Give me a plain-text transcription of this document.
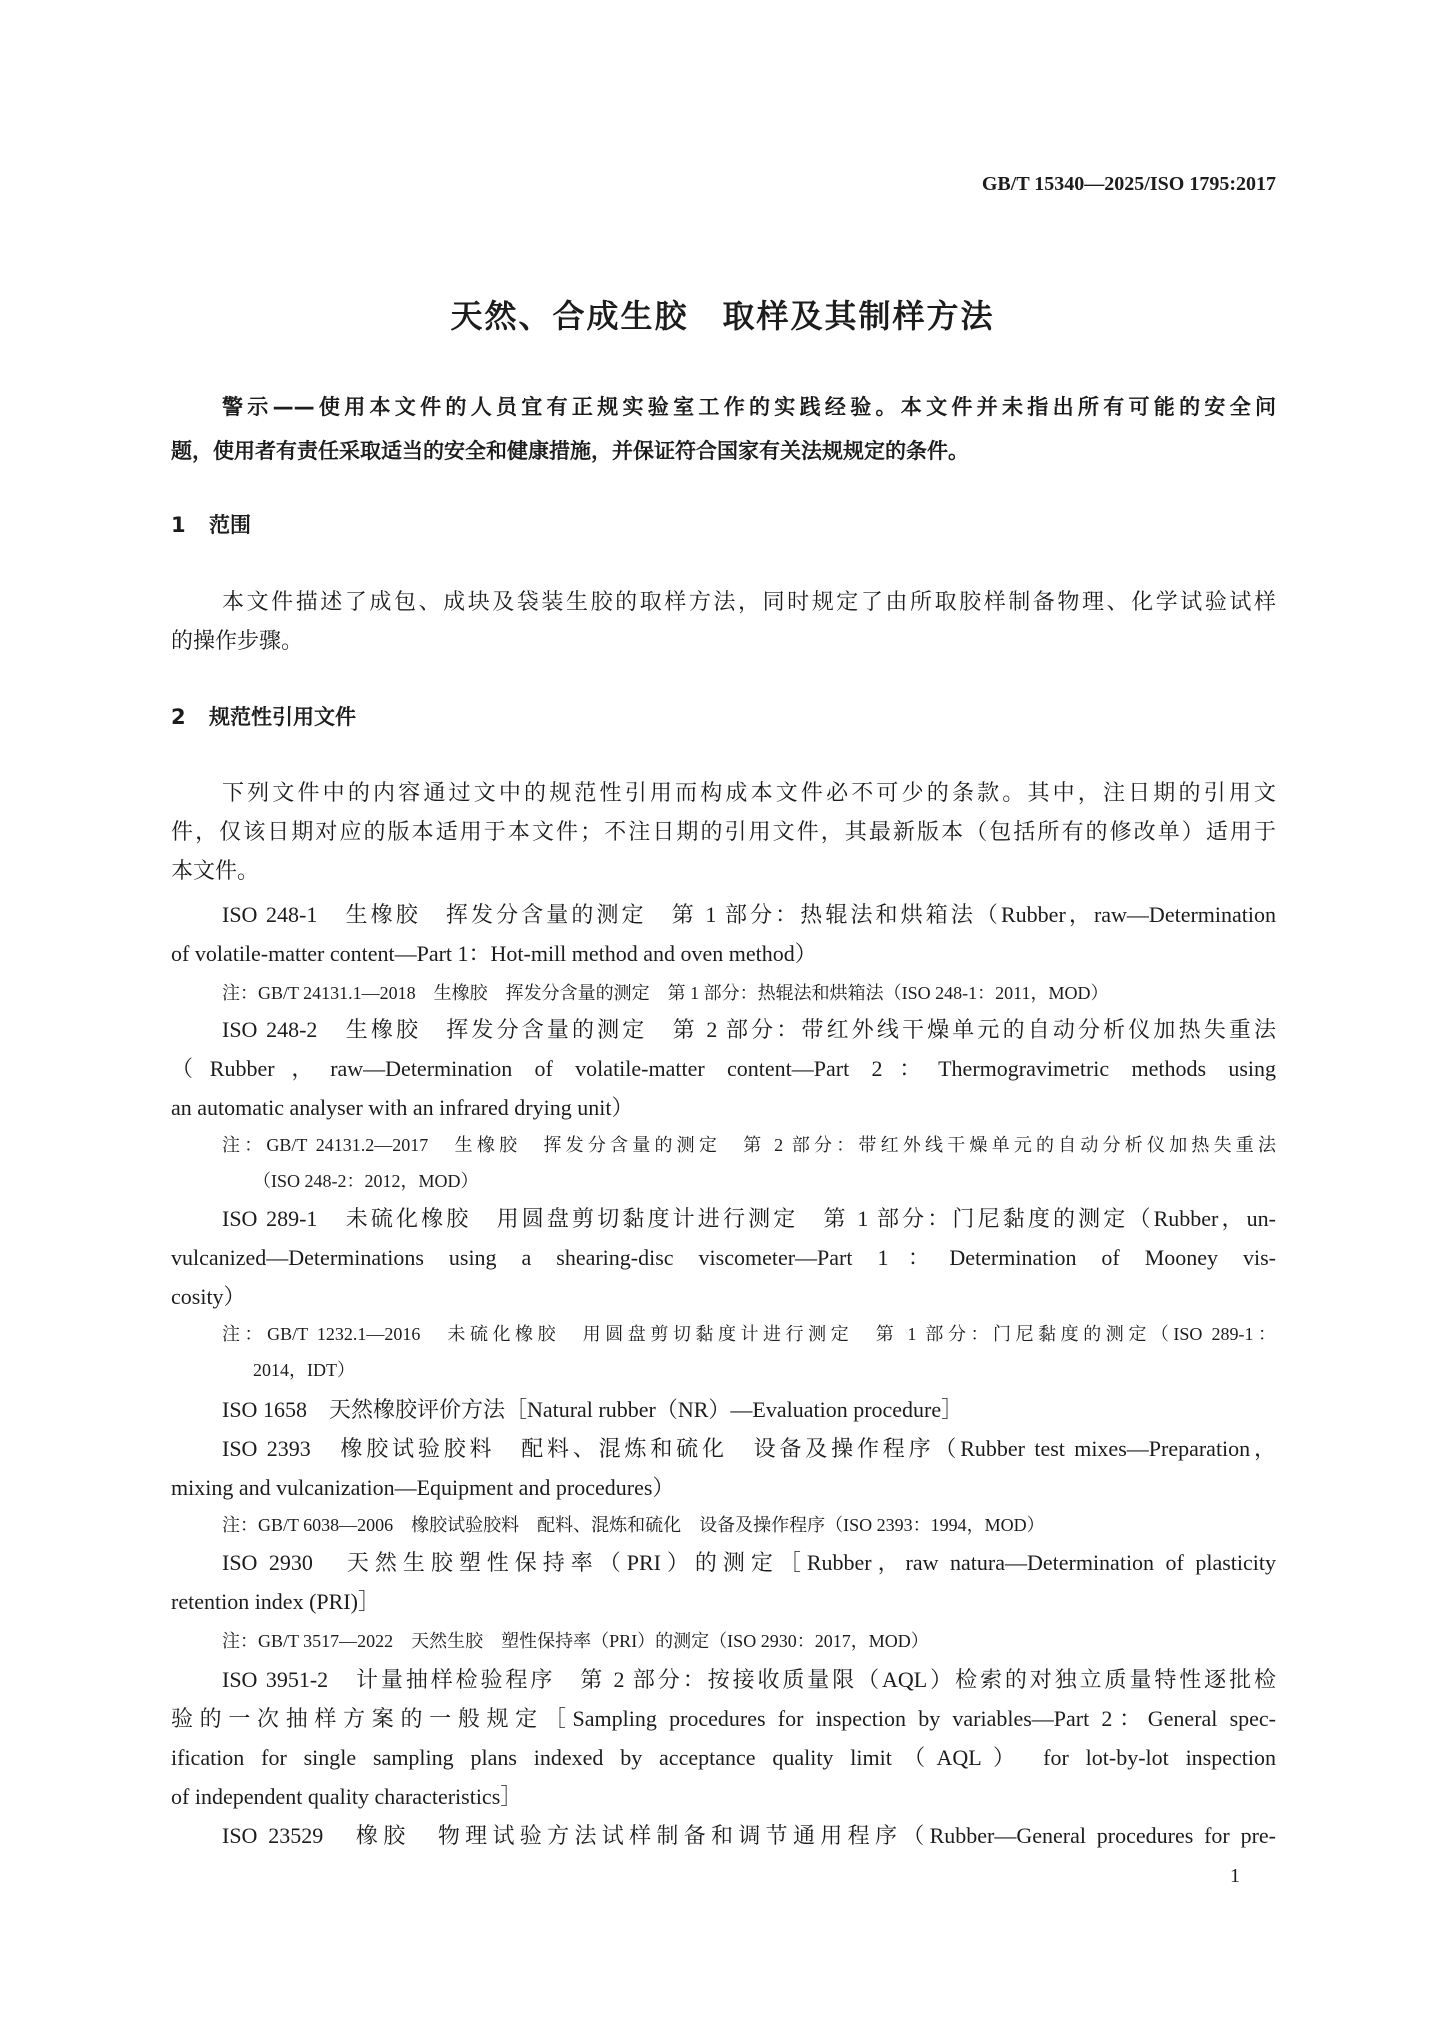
GB/T 15340—2025/ISO 1795:2017
天然、合成生胶　取样及其制样方法
警示——使用本文件的人员宜有正规实验室工作的实践经验。本文件并未指出所有可能的安全问
题，使用者有责任采取适当的安全和健康措施，并保证符合国家有关法规规定的条件。
1 范围
本文件描述了成包、成块及袋装生胶的取样方法，同时规定了由所取胶样制备物理、化学试验试样
的操作步骤。
2 规范性引用文件
下列文件中的内容通过文中的规范性引用而构成本文件必不可少的条款。其中，注日期的引用文
件，仅该日期对应的版本适用于本文件；不注日期的引用文件，其最新版本（包括所有的修改单）适用于
本文件。
ISO 248-1　生橡胶　挥发分含量的测定　第 1 部分：热辊法和烘箱法（Rubber，raw—Determination
of volatile-matter content—Part 1：Hot-mill method and oven method）
注：GB/T 24131.1—2018　生橡胶　挥发分含量的测定　第 1 部分：热辊法和烘箱法（ISO 248-1：2011，MOD）
ISO 248-2　生橡胶　挥发分含量的测定　第 2 部分：带红外线干燥单元的自动分析仪加热失重法
（Rubber，raw—Determination of volatile-matter content—Part 2：Thermogravimetric methods using
an automatic analyser with an infrared drying unit）
注：GB/T 24131.2—2017　生橡胶　挥发分含量的测定　第 2 部分：带红外线干燥单元的自动分析仪加热失重法
（ISO 248-2：2012，MOD）
ISO 289-1　未硫化橡胶　用圆盘剪切黏度计进行测定　第 1 部分：门尼黏度的测定（Rubber，un-
vulcanized—Determinations using a shearing-disc viscometer—Part 1：Determination of Mooney vis-
cosity）
注：GB/T 1232.1—2016　未硫化橡胶　用圆盘剪切黏度计进行测定　第 1 部分：门尼黏度的测定（ISO 289-1：
2014，IDT）
ISO 1658　天然橡胶评价方法［Natural rubber（NR）—Evaluation procedure］
ISO 2393　橡胶试验胶料　配料、混炼和硫化　设备及操作程序（Rubber test mixes—Preparation，
mixing and vulcanization—Equipment and procedures）
注：GB/T 6038—2006　橡胶试验胶料　配料、混炼和硫化　设备及操作程序（ISO 2393：1994，MOD）
ISO 2930　天然生胶塑性保持率（PRI）的测定［Rubber，raw natura—Determination of plasticity
retention index (PRI)］
注：GB/T 3517—2022　天然生胶　塑性保持率（PRI）的测定（ISO 2930：2017，MOD）
ISO 3951-2　计量抽样检验程序　第 2 部分：按接收质量限（AQL）检索的对独立质量特性逐批检
验的一次抽样方案的一般规定［Sampling procedures for inspection by variables—Part 2：General spec-
ification for single sampling plans indexed by acceptance quality limit（AQL） for lot-by-lot inspection
of independent quality characteristics］
ISO 23529　橡胶　物理试验方法试样制备和调节通用程序（Rubber—General procedures for pre-
1
